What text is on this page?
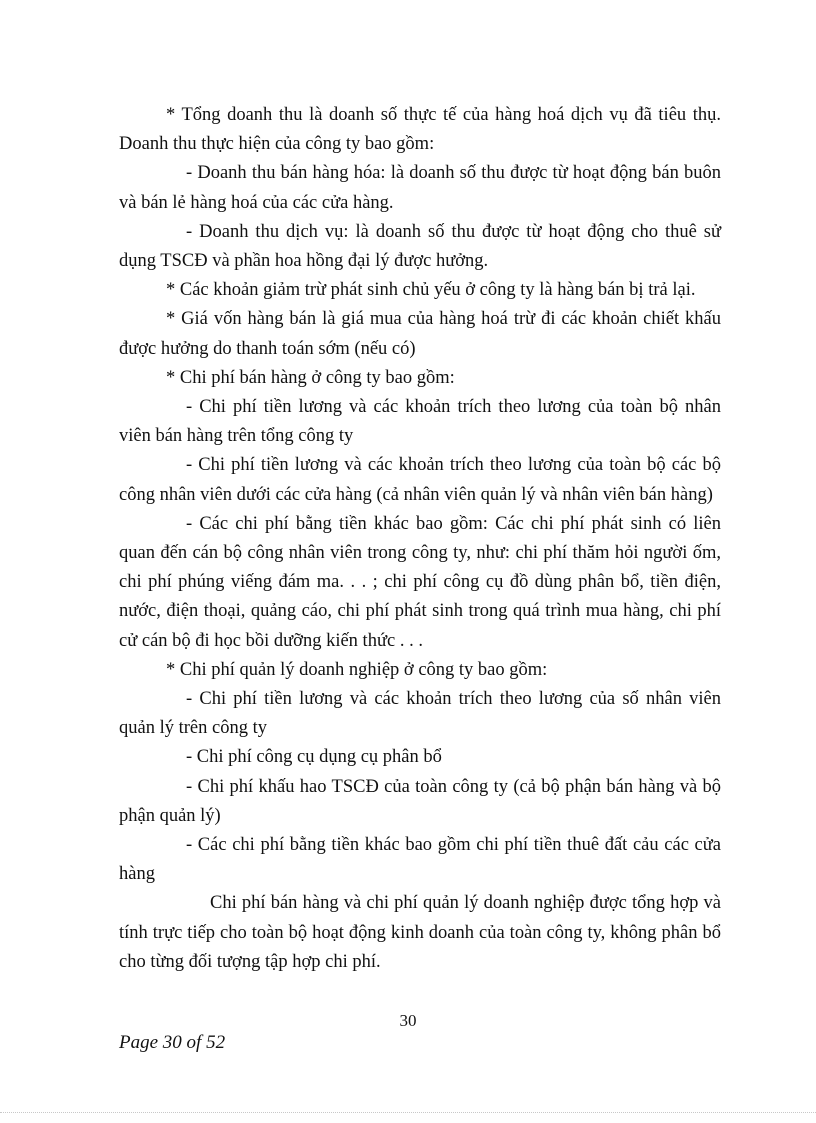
* Tổng doanh thu là doanh số thực tế của hàng hoá dịch vụ đã tiêu thụ. Doanh thu thực hiện của công ty bao gồm:

- Doanh thu bán hàng hóa: là doanh số thu được từ hoạt động bán buôn và bán lẻ hàng hoá của các cửa hàng.

- Doanh thu dịch vụ: là doanh số thu được từ hoạt động cho thuê sử dụng TSCĐ và phần hoa hồng đại lý được hưởng.

* Các khoản giảm trừ phát sinh chủ yếu ở công ty là hàng bán bị trả lại.

* Giá vốn hàng bán là giá mua của hàng hoá trừ đi các khoản chiết khấu được hưởng do thanh toán sớm (nếu có)

* Chi phí bán hàng ở công ty bao gồm:

- Chi phí tiền lương và các khoản trích theo lương của toàn bộ nhân viên bán hàng trên tổng công ty

- Chi phí tiền lương và các khoản trích theo lương của toàn bộ các bộ công nhân viên dưới các cửa hàng (cả nhân viên quản lý và nhân viên bán hàng)

- Các chi phí bằng tiền khác bao gồm: Các chi phí phát sinh có liên quan đến cán bộ công nhân viên trong công ty, như: chi phí thăm hỏi người ốm, chi phí phúng viếng đám ma. . . ; chi phí công cụ đồ dùng phân bổ, tiền điện, nước, điện thoại, quảng cáo, chi phí phát sinh trong quá trình mua hàng, chi phí cử cán bộ đi học bồi dưỡng kiến thức . . .

* Chi phí quản lý doanh nghiệp ở công ty bao gồm:

- Chi phí tiền lương và các khoản trích theo lương của số nhân viên quản lý trên công ty

- Chi phí công cụ dụng cụ phân bổ

- Chi phí khấu hao TSCĐ của toàn công ty (cả bộ phận bán hàng và bộ phận quản lý)

- Các chi phí bằng tiền khác bao gồm chi phí tiền thuê đất cảu các cửa hàng

Chi phí bán hàng và chi phí quản lý doanh nghiệp được tổng hợp và tính trực tiếp cho toàn bộ hoạt động kinh doanh của toàn công ty, không phân bổ cho từng đối tượng tập hợp chi phí.

30
Page 30 of 52
